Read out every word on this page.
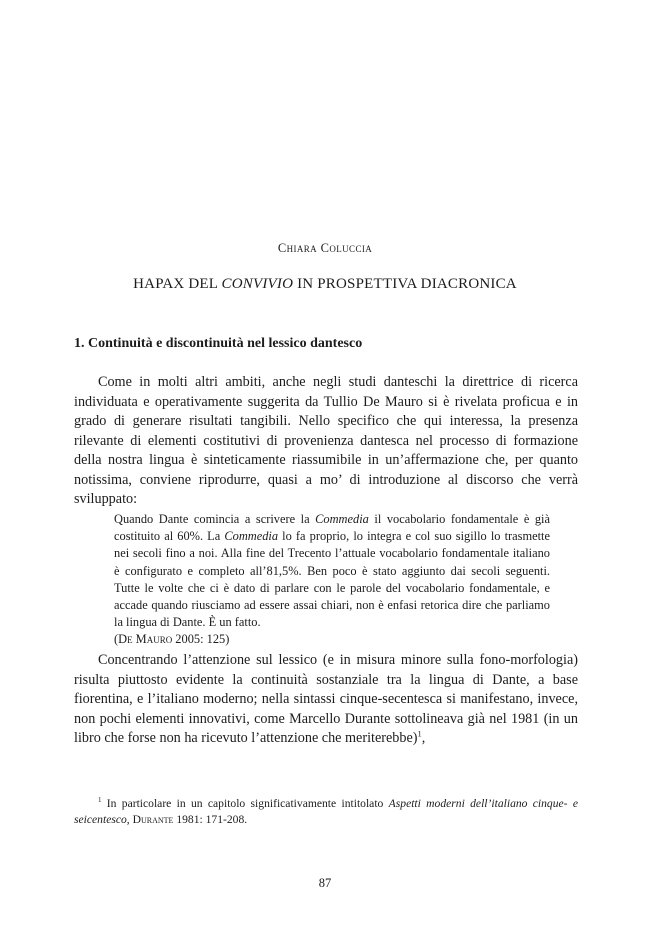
Chiara Coluccia
HAPAX DEL CONVIVIO IN PROSPETTIVA DIACRONICA
1. Continuità e discontinuità nel lessico dantesco

Come in molti altri ambiti, anche negli studi danteschi la direttrice di ricerca individuata e operativamente suggerita da Tullio De Mauro si è rivelata proficua e in grado di generare risultati tangibili. Nello specifico che qui interessa, la presenza rilevante di elementi costitutivi di provenienza dantesca nel processo di formazione della nostra lingua è sinteticamente riassumibile in un’affermazione che, per quanto notissima, conviene riprodurre, quasi a mo’ di introduzione al discorso che verrà sviluppato:

Quando Dante comincia a scrivere la Commedia il vocabolario fondamentale è già costituito al 60%. La Commedia lo fa proprio, lo integra e col suo sigillo lo trasmette nei secoli fino a noi. Alla fine del Trecento l’attuale vocabolario fondamentale italiano è configurato e completo all’81,5%. Ben poco è stato aggiunto dai secoli seguenti. Tutte le volte che ci è dato di parlare con le parole del vocabolario fondamentale, e accade quando riusciamo ad essere assai chiari, non è enfasi retorica dire che parliamo la lingua di Dante. È un fatto.
(De Mauro 2005: 125)

Concentrando l’attenzione sul lessico (e in misura minore sulla fono-morfologia) risulta piuttosto evidente la continuità sostanziale tra la lingua di Dante, a base fiorentina, e l’italiano moderno; nella sintassi cinque-secentesca si manifestano, invece, non pochi elementi innovativi, come Marcello Durante sottolineava già nel 1981 (in un libro che forse non ha ricevuto l’attenzione che meriterebbe)$^1$,

$^1$ In particolare in un capitolo significativamente intitolato Aspetti moderni dell’italiano cinque- e seicentesco, Durante 1981: 171-208.

87
